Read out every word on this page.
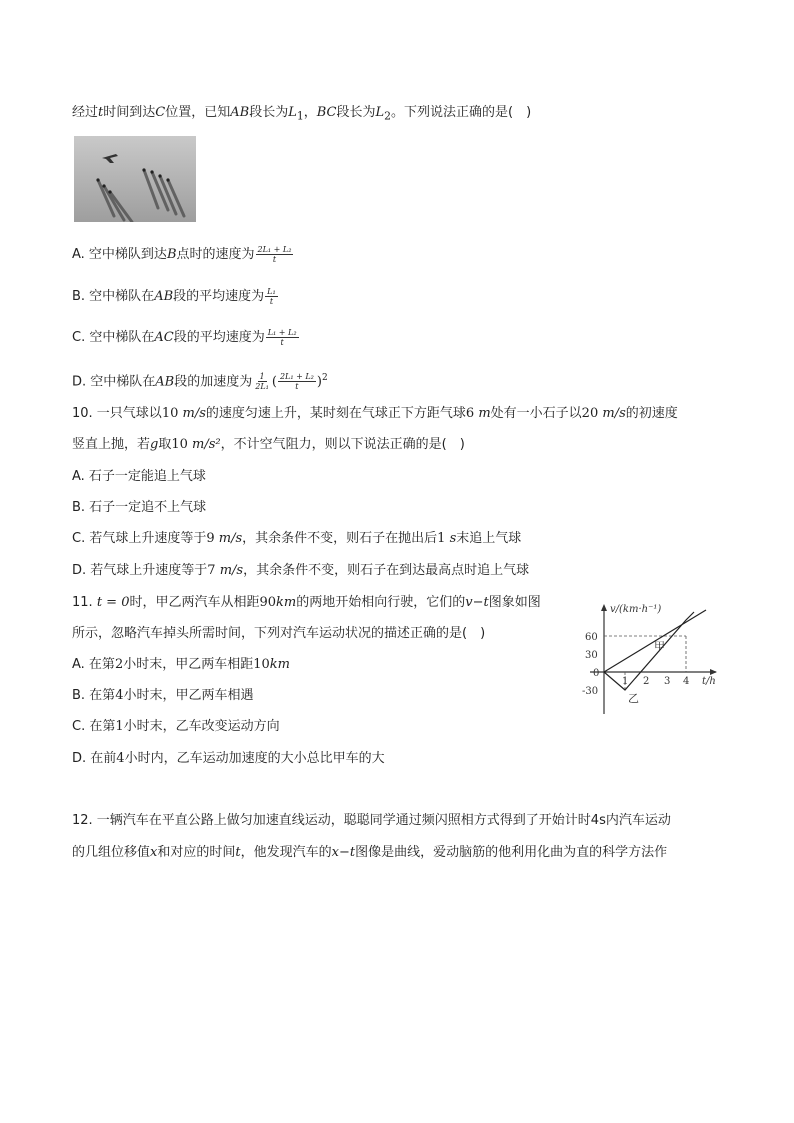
经过t时间到达C位置，已知AB段长为$L_1$，BC段长为$L_2$。下列说法正确的是(　)
A. 空中梯队到达B点时的速度为 $\frac{\text{2L₁ + L₂}}{t}$
B. 空中梯队在AB段的平均速度为 $\frac{\text{L₁}}{t}$
C. 空中梯队在AC段的平均速度为 $\frac{\text{L₁ + L₂}}{t}$
D. 空中梯队在AB段的加速度为 $\frac{1}{\text{2L₁}}$ ( $\frac{\text{2L₁ + L₂}}{t} )^2$
10. 一只气球以10 m/s的速度匀速上升，某时刻在气球正下方距气球6 m处有一小石子以20 m/s的初速度
竖直上抛，若g取10 m/s²，不计空气阻力，则以下说法正确的是(　)
A. 石子一定能追上气球
B. 石子一定追不上气球
C. 若气球上升速度等于9 m/s，其余条件不变，则石子在抛出后1 s末追上气球
D. 若气球上升速度等于7 m/s，其余条件不变，则石子在到达最高点时追上气球
11. t = 0时，甲乙两汽车从相距90km的两地开始相向行驶，它们的v−t图象如图
所示，忽略汽车掉头所需时间，下列对汽车运动状况的描述正确的是(　)
A. 在第2小时末，甲乙两车相距10km
B. 在第4小时末，甲乙两车相遇
C. 在第1小时末，乙车改变运动方向
D. 在前4小时内，乙车运动加速度的大小总比甲车的大
v/(km·h⁻¹)
t/h
60
30
0
-30
1 2 3 4
甲
乙
12. 一辆汽车在平直公路上做匀加速直线运动，聪聪同学通过频闪照相方式得到了开始计时4s内汽车运动
的几组位移值x和对应的时间t，他发现汽车的x−t图像是曲线，爱动脑筋的他利用化曲为直的科学方法作
